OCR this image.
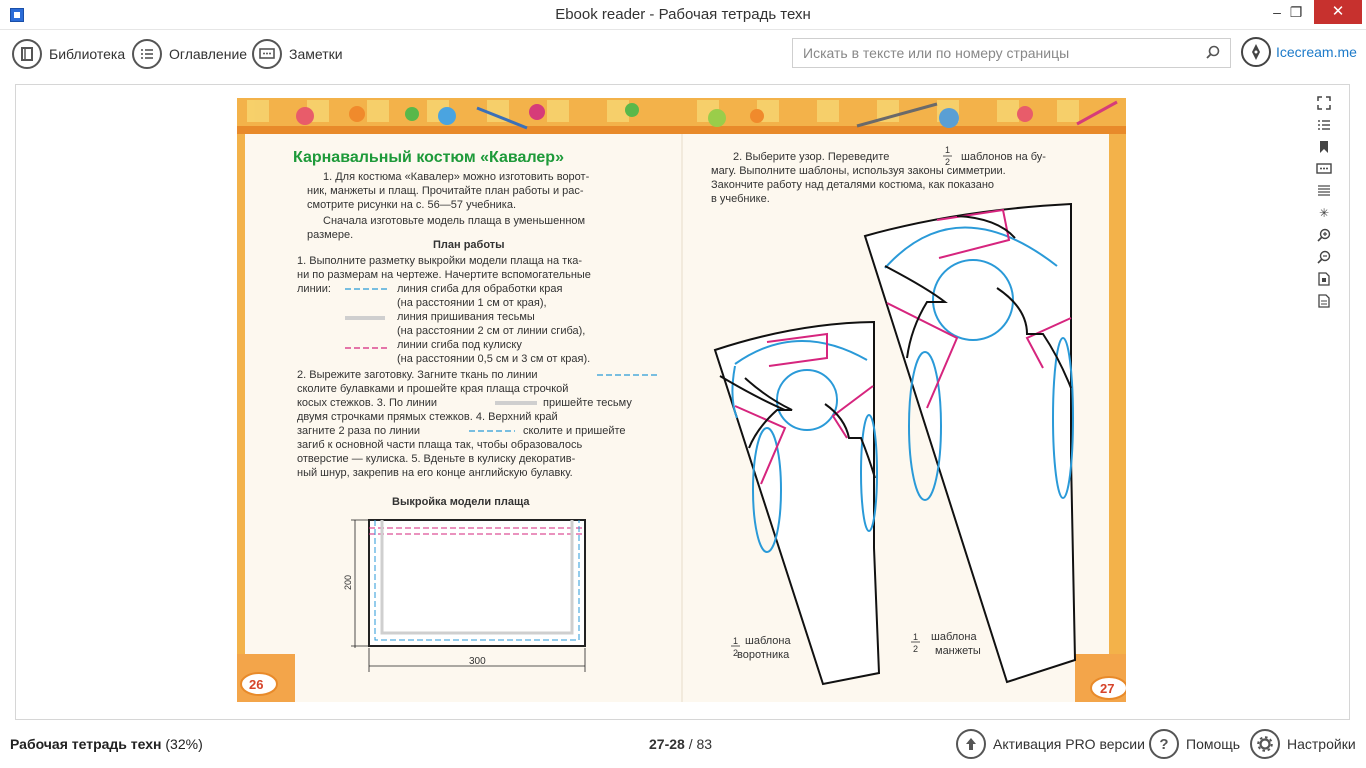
Ebook reader - Рабочая тетрадь техн	– ❐	✕
Библиотека	Оглавление	Заметки
Искать в тексте или по номеру страницы	Icecream.me
Карнавальный костюм «Кавалер»
1. Для костюма «Кавалер» можно изготовить ворот-
ник, манжеты и плащ. Прочитайте план работы и рас-
смотрите рисунки на с. 56—57 учебника.
Сначала изготовьте модель плаща в уменьшенном
размере.
План работы
1. Выполните разметку выкройки модели плаща на тка-
ни по размерам на чертеже. Начертите вспомогательные
линии:	линия сгиба для обработки края
(на расстоянии 1 см от края),
линия пришивания тесьмы
(на расстоянии 2 см от линии сгиба),
линии сгиба под кулиску
(на расстоянии 0,5 см и 3 см от края).
2. Вырежите заготовку. Загните ткань по линии
сколите булавками и прошейте края плаща строчкой
косых стежков. 3. По линии	пришейте тесьму
двумя строчками прямых стежков. 4. Верхний край
загните 2 раза по линии	сколите и пришейте
загиб к основной части плаща так, чтобы образовалось
отверстие — кулиска. 5. Вденьте в кулиску декоратив-
ный шнур, закрепив на его конце английскую булавку.
Выкройка модели плаща
200
300
26
2. Выберите узор. Переведите	шаблонов на бу-
магу. Выполните шаблоны, используя законы симметрии.
Закончите работу над деталями костюма, как показано
в учебнике.
1
2
1
2
шаблона
воротника
1
2
шаблона
манжеты
27
✳
Рабочая тетрадь техн (32%)	27-28 / 83	Активация PRO версии ?	Помощь	Настройки
